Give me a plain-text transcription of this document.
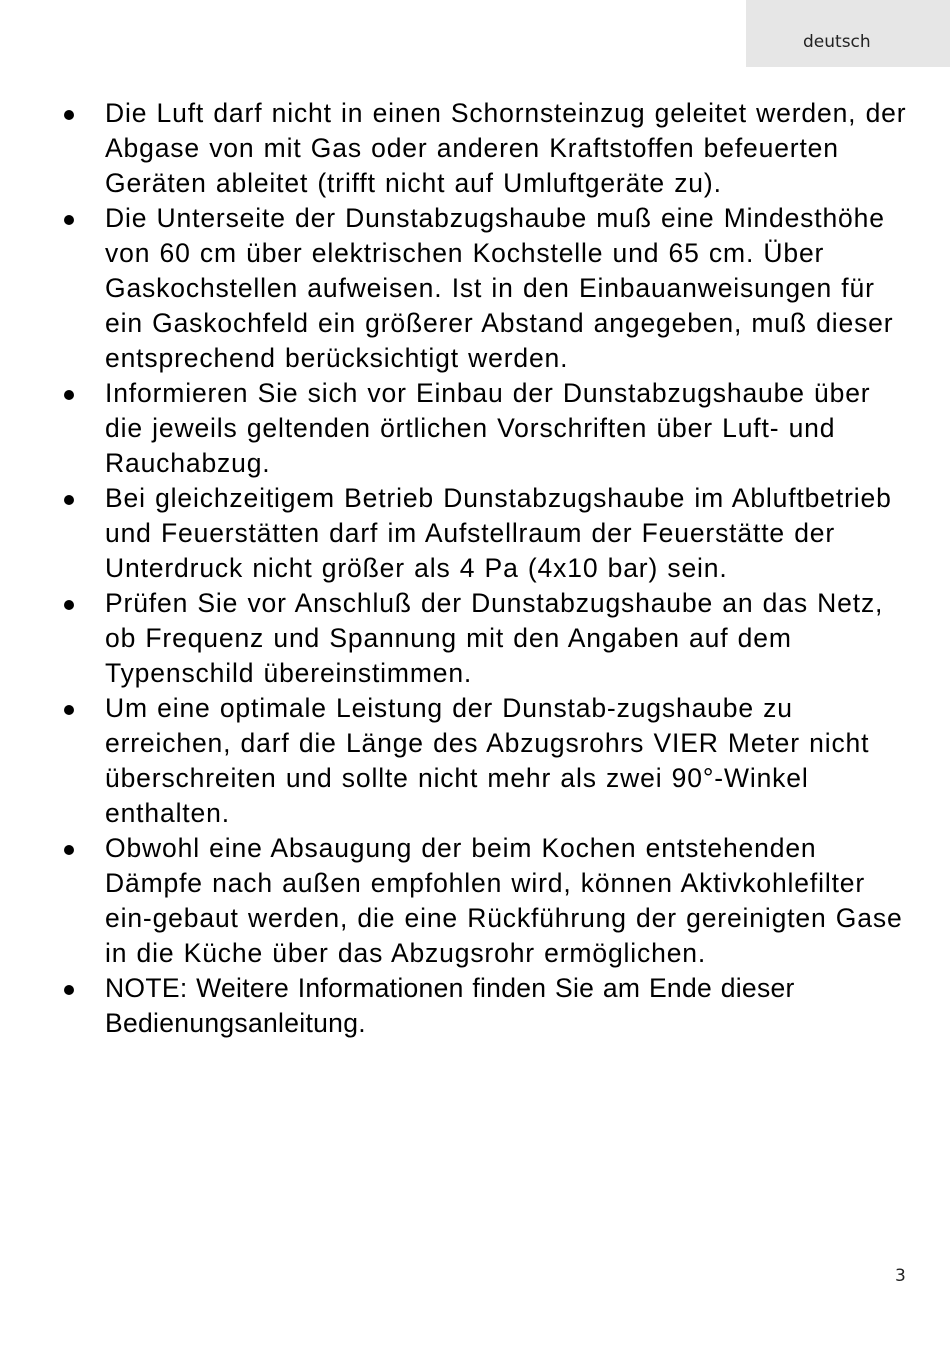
deutsch
Die Luft darf nicht in einen Schornsteinzug geleitet werden, der Abgase von mit Gas oder anderen Kraftstoffen befeuerten Geräten ableitet (trifft nicht auf Umluftgeräte zu).
Die Unterseite der Dunstabzugshaube muß eine Mindesthöhe von 60 cm über elektrischen Kochstelle und 65 cm. Über Gaskochstellen aufweisen. Ist in den Einbauanweisungen für ein Gaskochfeld ein größerer Abstand angegeben, muß dieser entsprechend berücksichtigt werden.
Informieren Sie sich vor Einbau der Dunstabzugshaube über die jeweils geltenden örtlichen Vorschriften über Luft- und Rauchabzug.
Bei gleichzeitigem Betrieb Dunstabzugshaube im Abluftbetrieb und Feuerstätten darf im Aufstellraum der Feuerstätte der Unterdruck nicht größer als 4 Pa (4x10 bar) sein.
Prüfen Sie vor Anschluß der Dunstabzugshaube an das Netz, ob Frequenz und Spannung mit den Angaben auf dem Typenschild übereinstimmen.
Um eine optimale Leistung der Dunstab-zugshaube zu erreichen, darf die Länge des Abzugsrohrs VIER Meter nicht überschreiten und sollte nicht mehr als zwei 90°-Winkel enthalten.
Obwohl eine Absaugung der beim Kochen entstehenden Dämpfe nach außen empfohlen wird, können Aktivkohlefilter ein-gebaut werden, die eine Rückführung der gereinigten Gase in die Küche über das Abzugsrohr ermöglichen.
NOTE: Weitere Informationen finden Sie am Ende dieser Bedienungsanleitung.
3
